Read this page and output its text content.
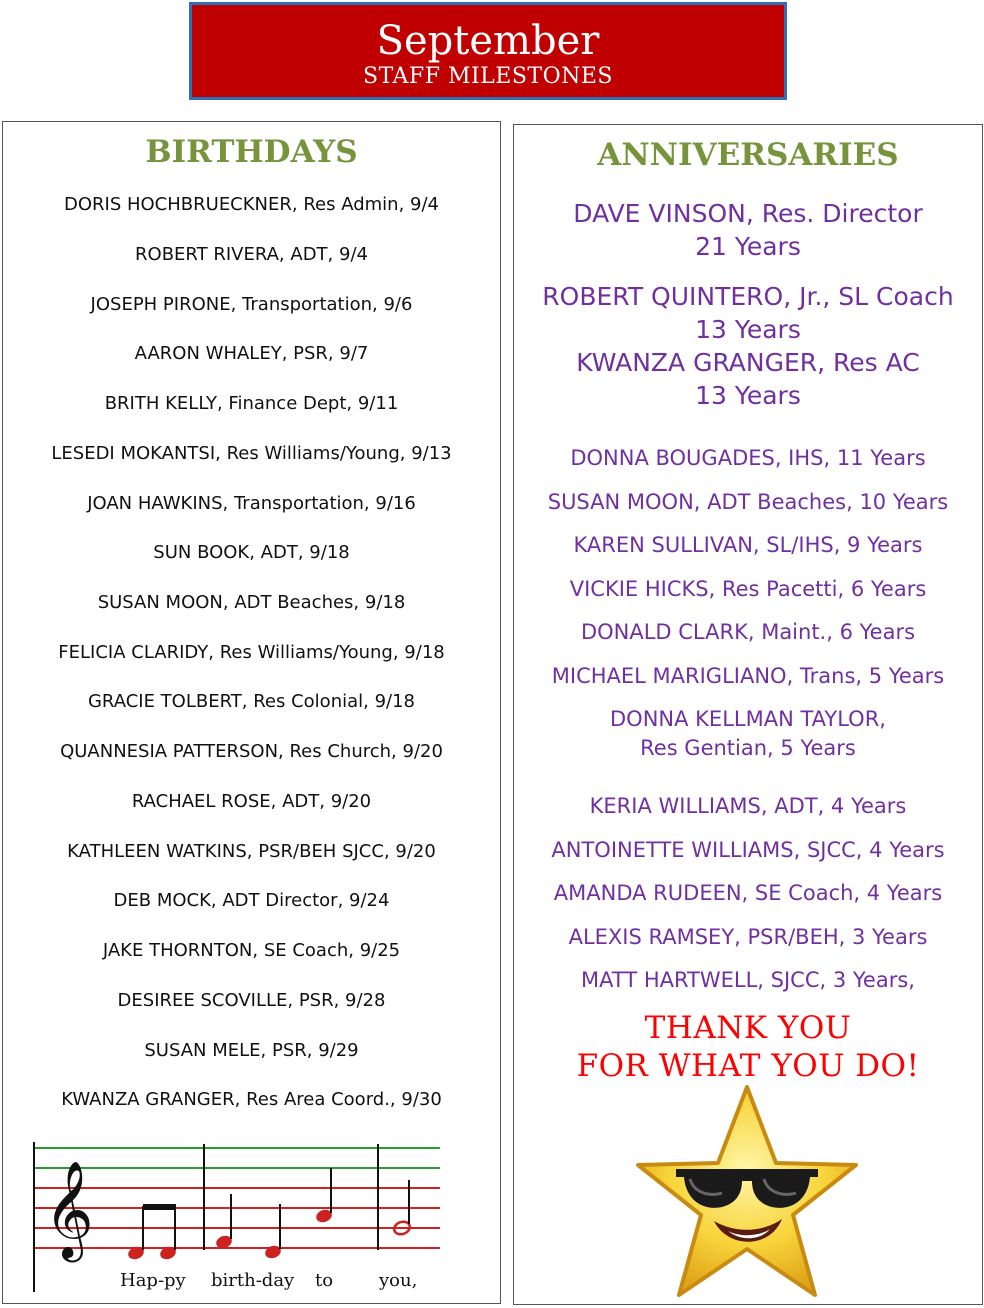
September
STAFF MILESTONES
BIRTHDAYS
DORIS HOCHBRUECKNER, Res Admin, 9/4
ROBERT RIVERA, ADT, 9/4
JOSEPH PIRONE, Transportation, 9/6
AARON WHALEY, PSR, 9/7
BRITH KELLY, Finance Dept, 9/11
LESEDI MOKANTSI, Res Williams/Young, 9/13
JOAN HAWKINS, Transportation, 9/16
SUN BOOK, ADT, 9/18
SUSAN MOON, ADT Beaches, 9/18
FELICIA CLARIDY, Res Williams/Young, 9/18
GRACIE TOLBERT, Res Colonial, 9/18
QUANNESIA PATTERSON, Res Church, 9/20
RACHAEL ROSE, ADT, 9/20
KATHLEEN WATKINS, PSR/BEH SJCC, 9/20
DEB MOCK, ADT Director, 9/24
JAKE THORNTON, SE Coach, 9/25
DESIREE SCOVILLE, PSR, 9/28
SUSAN MELE, PSR, 9/29
KWANZA GRANGER, Res Area Coord., 9/30
𝄞
Hap-py birth-day to	you,
ANNIVERSARIES
DAVE VINSON, Res. Director
21 Years
ROBERT QUINTERO, Jr., SL Coach
13 Years
KWANZA GRANGER, Res AC
13 Years
DONNA BOUGADES, IHS, 11 Years
SUSAN MOON, ADT Beaches, 10 Years
KAREN SULLIVAN, SL/IHS, 9 Years
VICKIE HICKS, Res Pacetti, 6 Years
DONALD CLARK, Maint., 6 Years
MICHAEL MARIGLIANO, Trans, 5 Years
DONNA KELLMAN TAYLOR,
Res Gentian, 5 Years
KERIA WILLIAMS, ADT, 4 Years
ANTOINETTE WILLIAMS, SJCC, 4 Years
AMANDA RUDEEN, SE Coach, 4 Years
ALEXIS RAMSEY, PSR/BEH, 3 Years
MATT HARTWELL, SJCC, 3 Years,
THANK YOU
FOR WHAT YOU DO!
